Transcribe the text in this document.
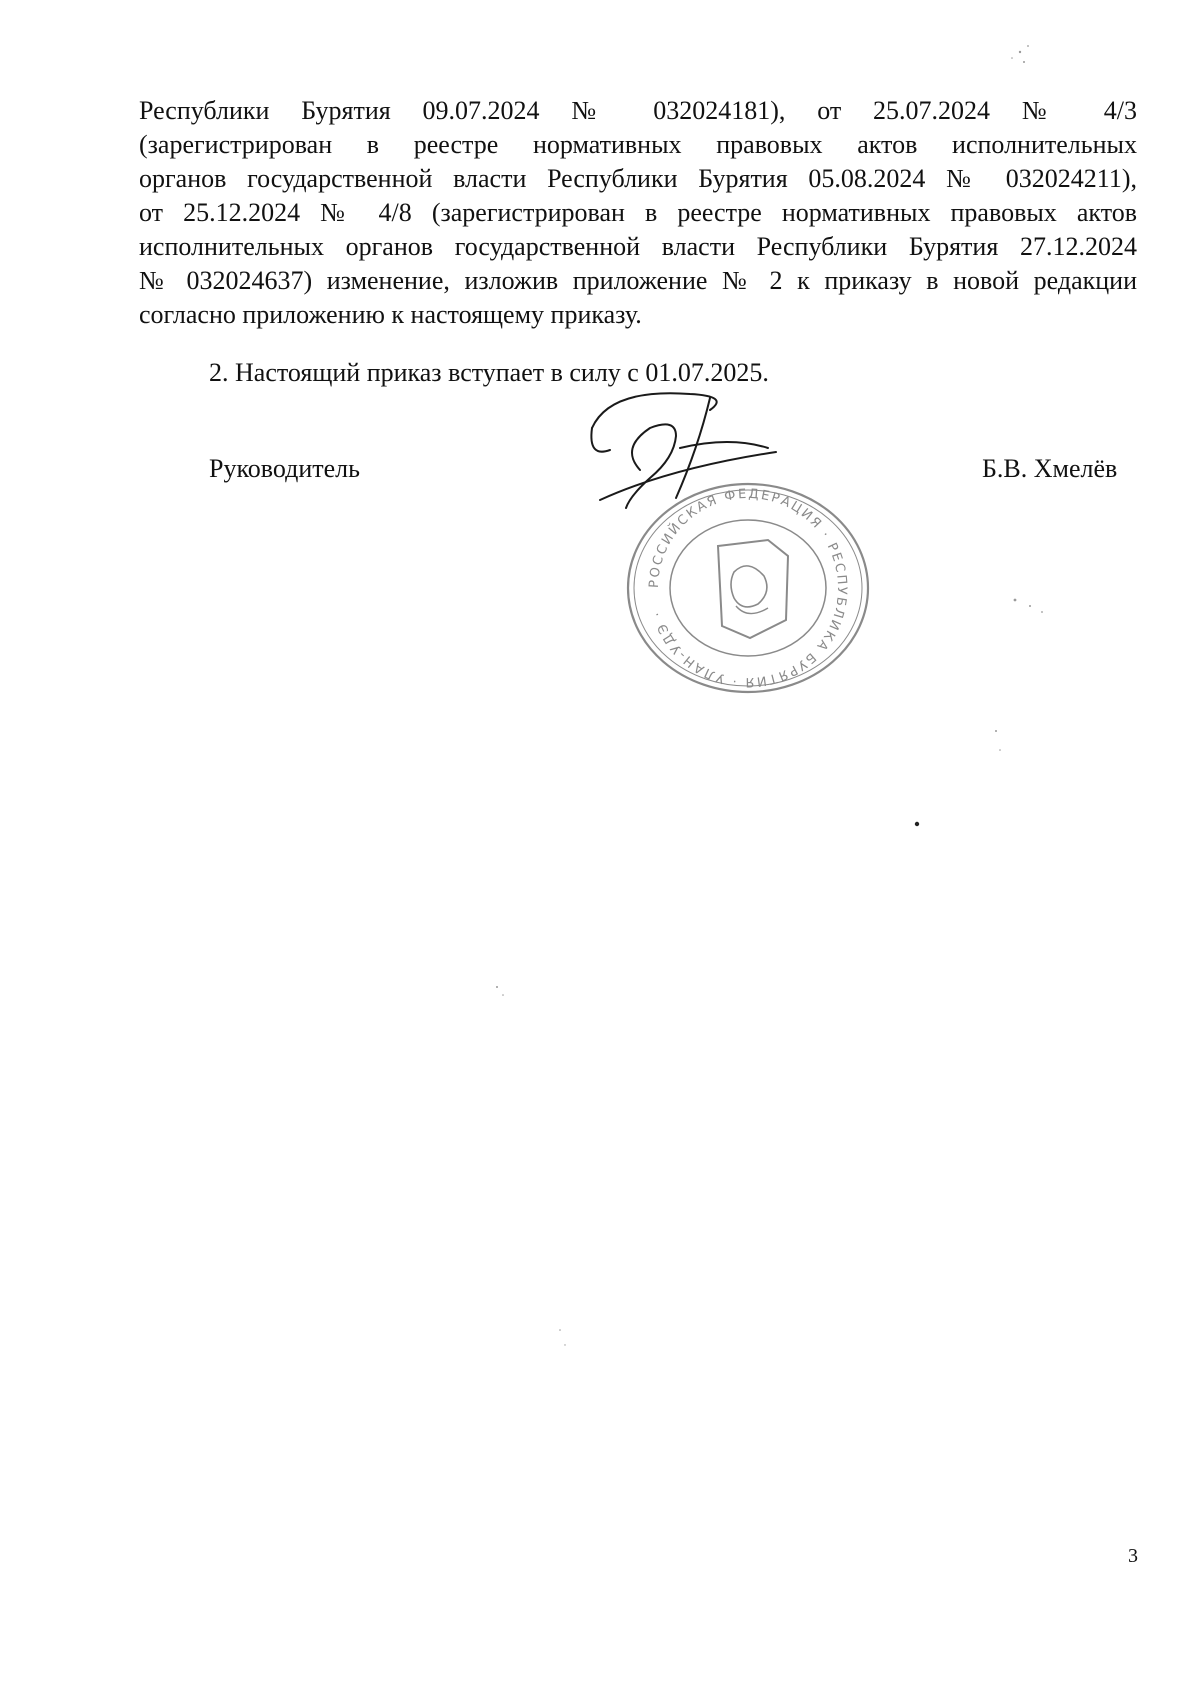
Республики Бурятия 09.07.2024 № 032024181), от 25.07.2024 № 4/3
(зарегистрирован в реестре нормативных правовых актов исполнительных
органов государственной власти Республики Бурятия 05.08.2024 № 032024211),
от 25.12.2024 № 4/8 (зарегистрирован в реестре нормативных правовых актов
исполнительных органов государственной власти Республики Бурятия 27.12.2024
№ 032024637) изменение, изложив приложение № 2 к приказу в новой редакции
согласно приложению к настоящему приказу.
2. Настоящий приказ вступает в силу с 01.07.2025.
Руководитель	Б.В. Хмелёв
РОССИЙСКАЯ ФЕДЕРАЦИЯ · РЕСПУБЛИКА БУРЯТИЯ · УЛАН-УДЭ ·
3
